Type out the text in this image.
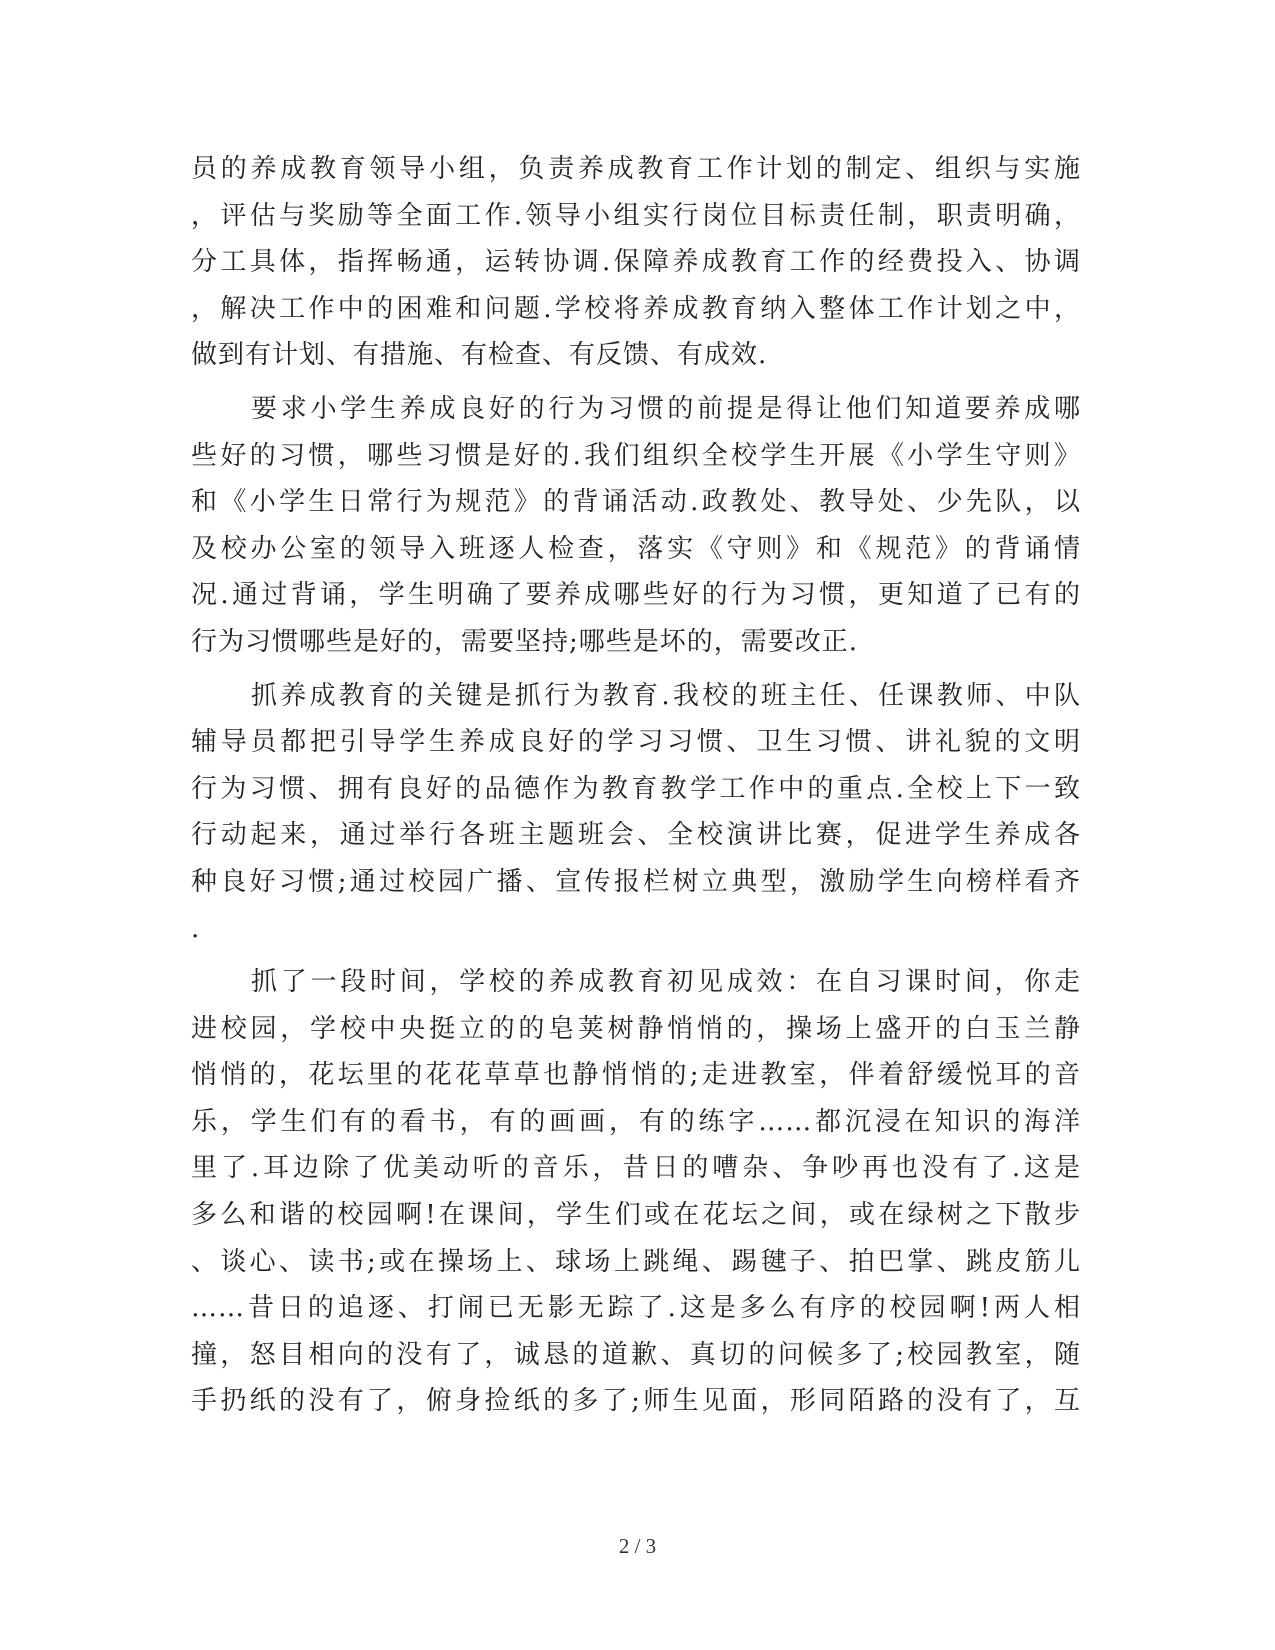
员的养成教育领导小组，负责养成教育工作计划的制定、组织与实施
，评估与奖励等全面工作.领导小组实行岗位目标责任制，职责明确，
分工具体，指挥畅通，运转协调.保障养成教育工作的经费投入、协调
，解决工作中的困难和问题.学校将养成教育纳入整体工作计划之中，
做到有计划、有措施、有检查、有反馈、有成效.
要求小学生养成良好的行为习惯的前提是得让他们知道要养成哪
些好的习惯，哪些习惯是好的.我们组织全校学生开展《小学生守则》
和《小学生日常行为规范》的背诵活动.政教处、教导处、少先队，以
及校办公室的领导入班逐人检查，落实《守则》和《规范》的背诵情
况.通过背诵，学生明确了要养成哪些好的行为习惯，更知道了已有的
行为习惯哪些是好的，需要坚持;哪些是坏的，需要改正.
抓养成教育的关键是抓行为教育.我校的班主任、任课教师、中队
辅导员都把引导学生养成良好的学习习惯、卫生习惯、讲礼貌的文明
行为习惯、拥有良好的品德作为教育教学工作中的重点.全校上下一致
行动起来，通过举行各班主题班会、全校演讲比赛，促进学生养成各
种良好习惯;通过校园广播、宣传报栏树立典型，激励学生向榜样看齐
.
抓了一段时间，学校的养成教育初见成效：在自习课时间，你走
进校园，学校中央挺立的的皂荚树静悄悄的，操场上盛开的白玉兰静
悄悄的，花坛里的花花草草也静悄悄的;走进教室，伴着舒缓悦耳的音
乐，学生们有的看书，有的画画，有的练字……都沉浸在知识的海洋
里了.耳边除了优美动听的音乐，昔日的嘈杂、争吵再也没有了.这是
多么和谐的校园啊!在课间，学生们或在花坛之间，或在绿树之下散步
、谈心、读书;或在操场上、球场上跳绳、踢毽子、拍巴掌、跳皮筋儿
……昔日的追逐、打闹已无影无踪了.这是多么有序的校园啊!两人相
撞，怒目相向的没有了，诚恳的道歉、真切的问候多了;校园教室，随
手扔纸的没有了，俯身捡纸的多了;师生见面，形同陌路的没有了，互
2 / 3
